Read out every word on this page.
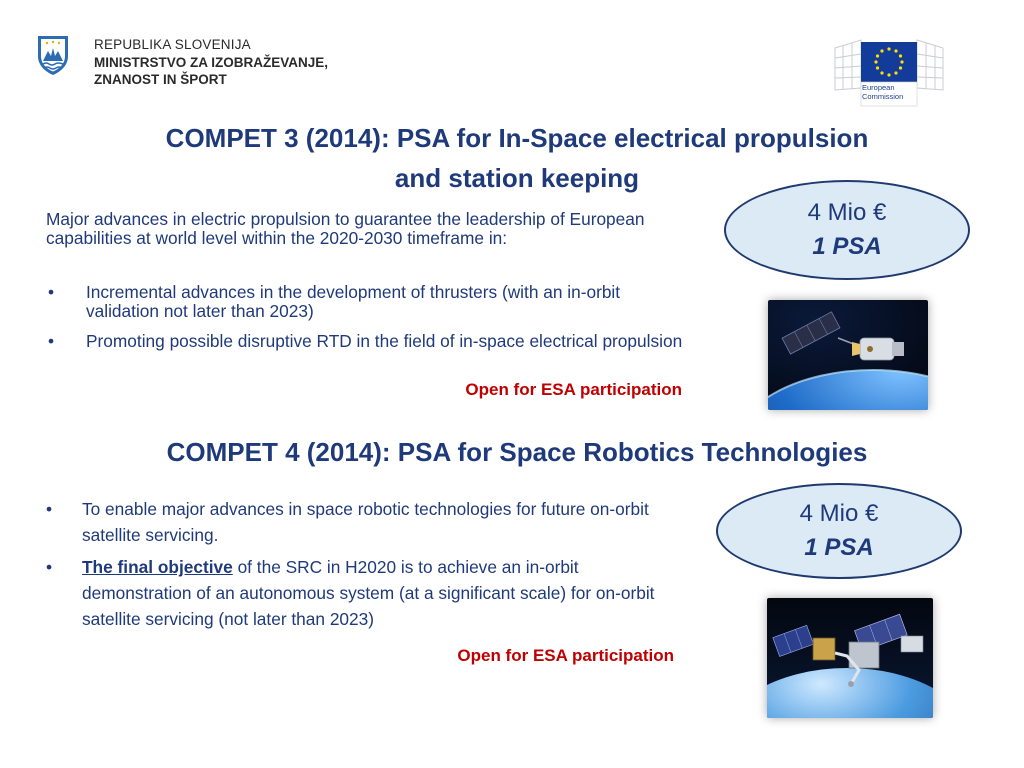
REPUBLIKA SLOVENIJA
MINISTRSTVO ZA IZOBRAŽEVANJE,
ZNANOST IN ŠPORT
European
Commission
COMPET 3 (2014): PSA for In-Space electrical propulsion
and station keeping
Major advances in electric propulsion to guarantee the leadership of European capabilities at world level within the 2020-2030 timeframe in:
• Incremental advances in the development of thrusters (with an in-orbit validation not later than 2023)
• Promoting possible disruptive RTD in the field of in-space electrical propulsion
Open for ESA participation
4 Mio €
1 PSA
COMPET 4 (2014): PSA for Space Robotics Technologies
• To enable major advances in space robotic technologies for future on-orbit satellite servicing.
• The final objective of the SRC in H2020 is to achieve an in-orbit demonstration of an autonomous system (at a significant scale) for on-orbit satellite servicing (not later than 2023)
Open for ESA participation
4 Mio €
1 PSA
